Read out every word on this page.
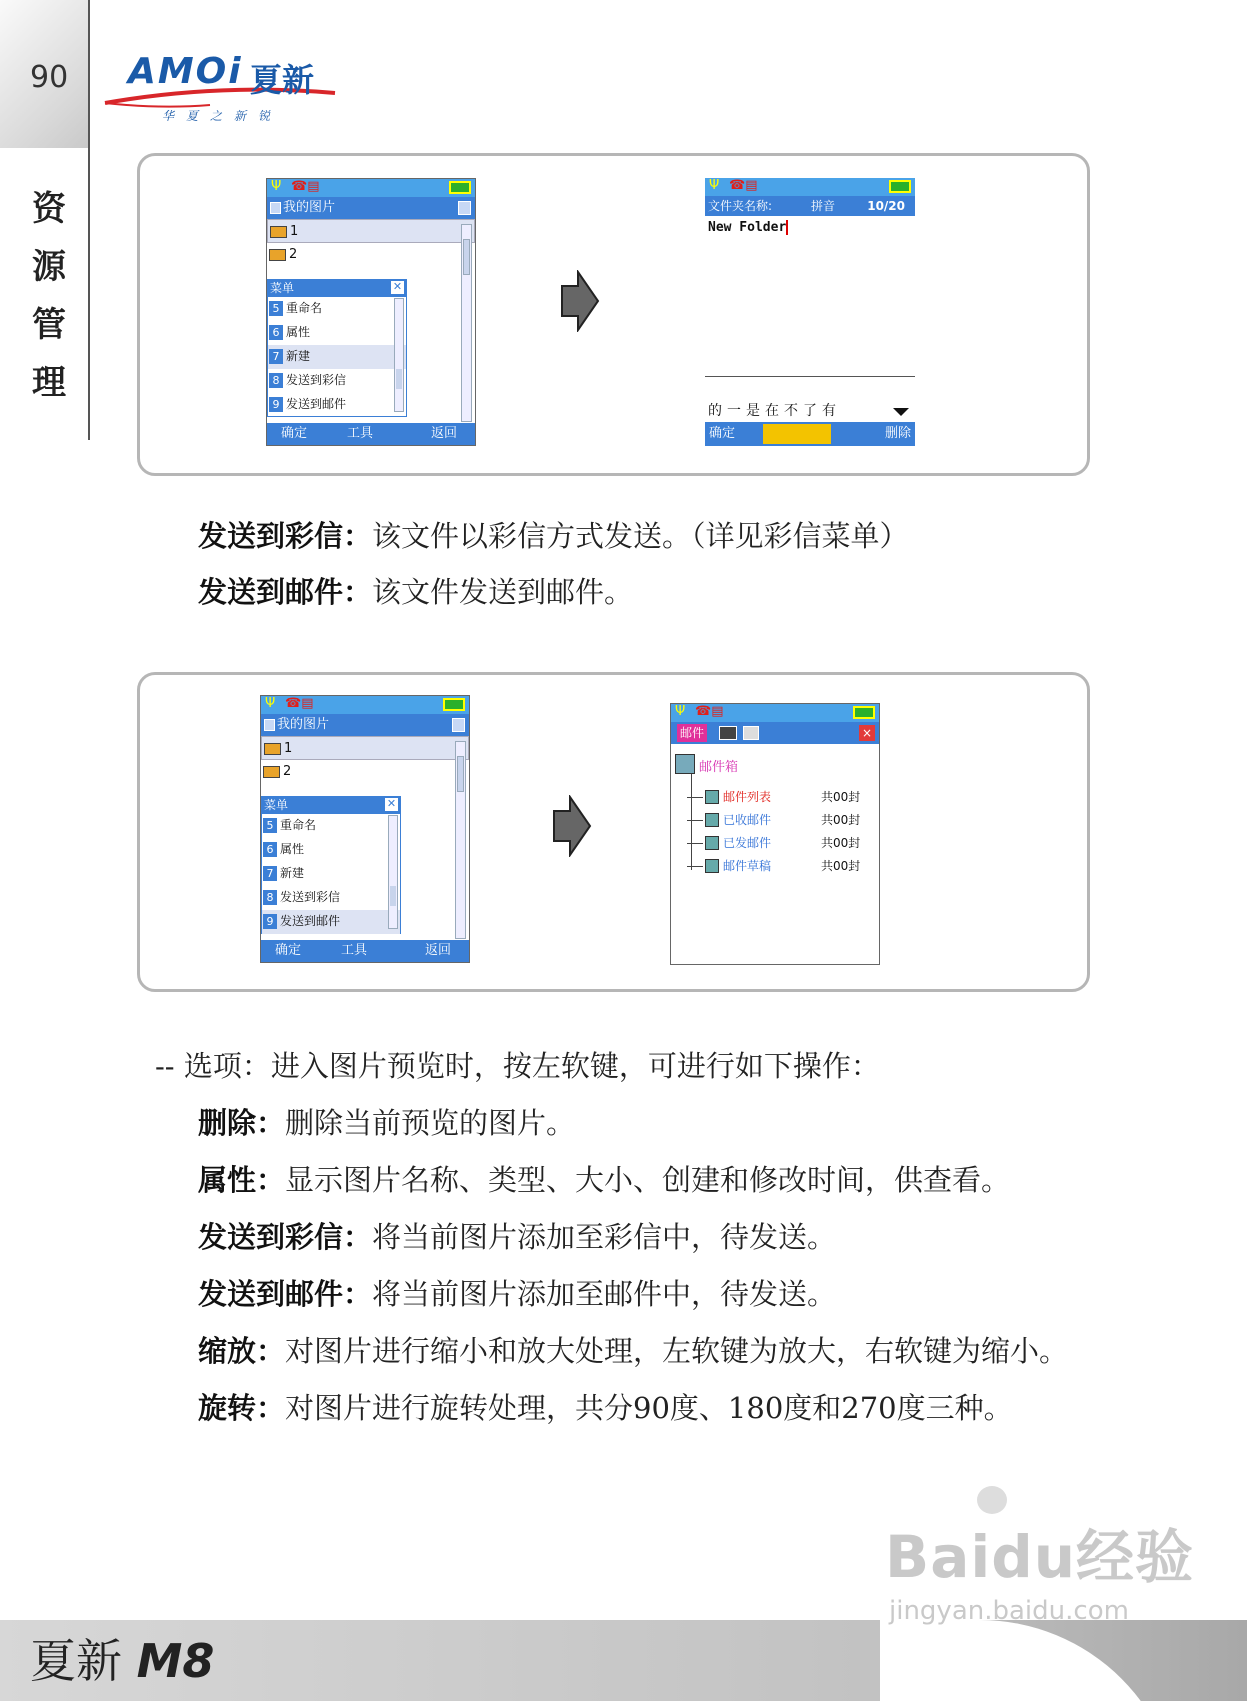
90
资
源
管
理
AMOi 夏新
华夏之新锐
Ψ ☎▤
我的图片
1
2
菜单	✕
5 重命名
6 属性
7 新建
8 发送到彩信
9 发送到邮件
确定	工具	返回
Ψ ☎▤
文件夹名称:	拼音	10/20
New Folder
的一是在不了有
确定	删除
发送到彩信：该文件以彩信方式发送。（详见彩信菜单）
发送到邮件：该文件发送到邮件。
Ψ ☎▤
我的图片
1
2
菜单	✕
5 重命名
6 属性
7 新建
8 发送到彩信
9 发送到邮件
确定	工具	返回
Ψ ☎▤
邮件	×
邮件箱
邮件列表	共00封
已收邮件	共00封
已发邮件	共00封
邮件草稿	共00封
-- 选项：进入图片预览时，按左软键，可进行如下操作：
删除：删除当前预览的图片。
属性：显示图片名称、类型、大小、创建和修改时间，供查看。
发送到彩信：将当前图片添加至彩信中，待发送。
发送到邮件：将当前图片添加至邮件中，待发送。
缩放：对图片进行缩小和放大处理，左软键为放大，右软键为缩小。
旋转：对图片进行旋转处理，共分90度、180度和270度三种。
夏新 M8
Baidu经验
jingyan.baidu.com
